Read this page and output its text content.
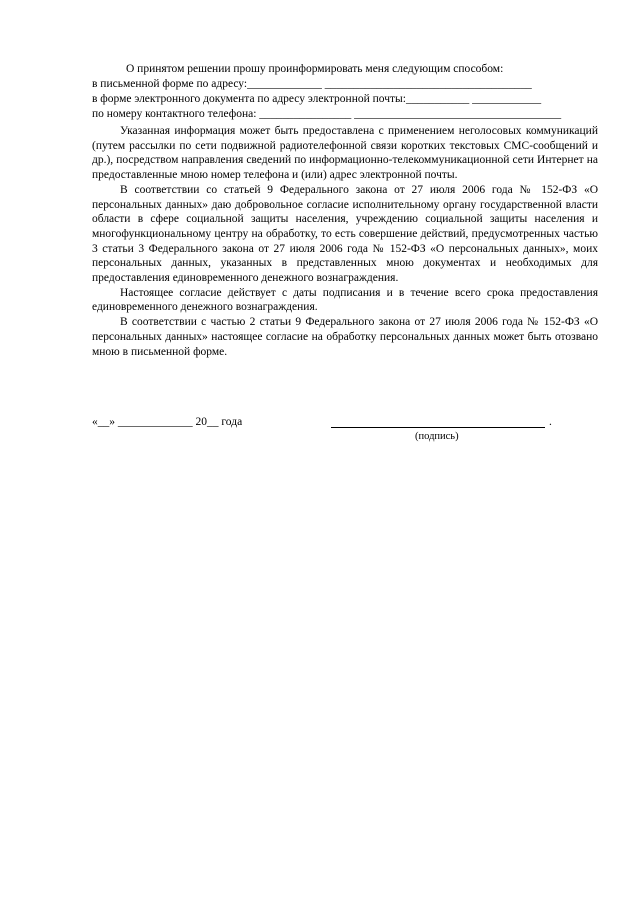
О принятом решении прошу проинформировать меня следующим способом:
в письменной форме по адресу:_____________ ____________________________________
в форме электронного документа по адресу электронной почты:___________ ____________
по номеру контактного телефона: ________________ ____________________________________

Указанная информация может быть предоставлена с применением неголосовых коммуникаций (путем рассылки по сети подвижной радиотелефонной связи коротких текстовых СМС-сообщений и др.), посредством направления сведений по информационно-телекоммуникационной сети Интернет на предоставленные мною номер телефона и (или) адрес электронной почты.

В соответствии со статьей 9 Федерального закона от 27 июля 2006 года № 152-ФЗ «О персональных данных» даю добровольное согласие исполнительному органу государственной власти области в сфере социальной защиты населения, учреждению социальной защиты населения и многофункциональному центру на обработку, то есть совершение действий, предусмотренных частью 3 статьи 3 Федерального закона от 27 июля 2006 года № 152-ФЗ «О персональных данных», моих персональных данных, указанных в представленных мною документах и необходимых для предоставления единовременного денежного вознаграждения.

Настоящее согласие действует с даты подписания и в течение всего срока предоставления единовременного денежного вознаграждения.

В соответствии с частью 2 статьи 9 Федерального закона от 27 июля 2006 года № 152-ФЗ «О персональных данных» настоящее согласие на обработку персональных данных может быть отозвано мною в письменной форме.

«__» _____________ 20__ года	.
(подпись)
